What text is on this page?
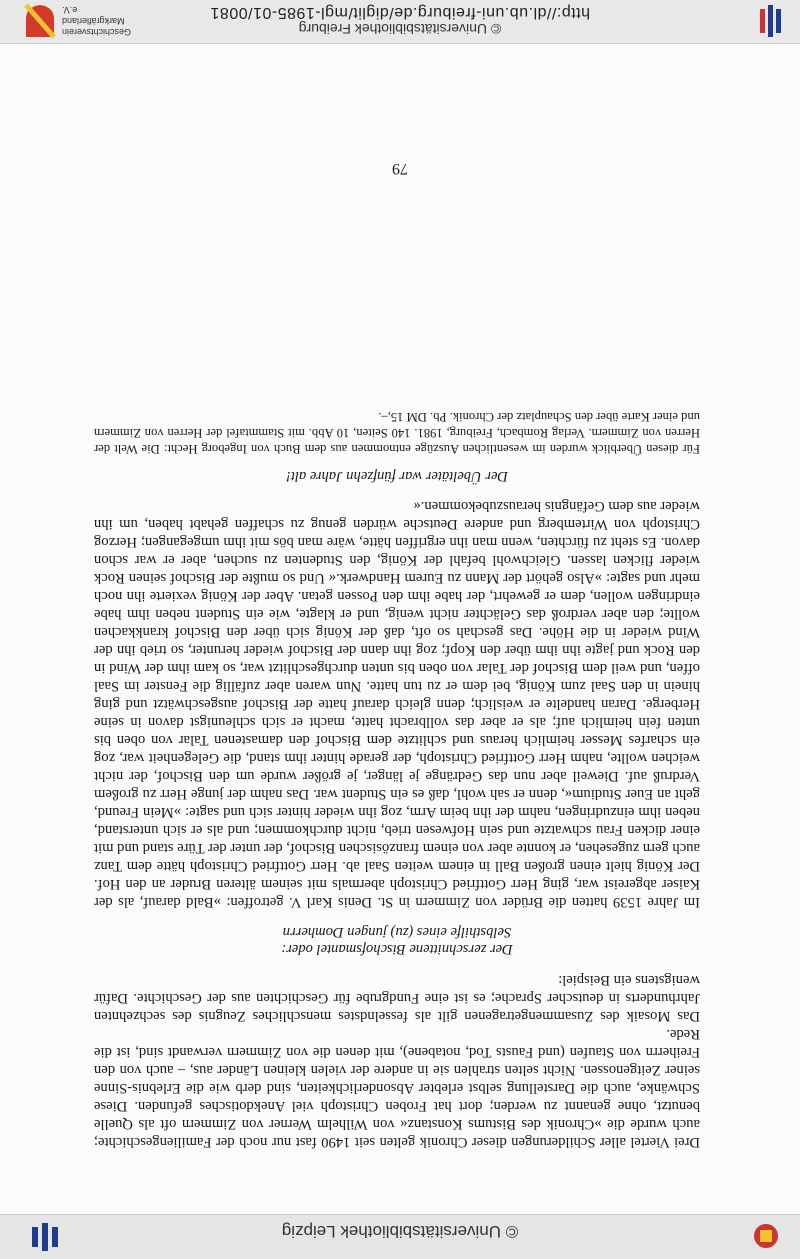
© Universitätsbibliothek Leipzig

Drei Viertel aller Schilderungen dieser Chronik gelten seit 1490 fast nur noch der Familiengeschichte; auch wurde die »Chronik des Bistums Konstanz« von Wilhelm Werner von Zimmern oft als Quelle benutzt, ohne genannt zu werden; dort hat Froben Christoph viel Anekdotisches gefunden. Diese Schwänke, auch die Darstellung selbst erlebter Absonderlichkeiten, sind derb wie die Erlebnis-Sinne seiner Zeitgenossen. Nicht selten strahlen sie in andere der vielen kleinen Länder aus, – auch von den Freiherrn von Staufen (und Fausts Tod, notabene), mit denen die von Zimmern verwandt sind, ist die Rede.

Das Mosaik des Zusammengetragenen gilt als fesselndstes menschliches Zeugnis des sechzehnten Jahrhunderts in deutscher Sprache; es ist eine Fundgrube für Geschichten aus der Geschichte. Dafür wenigstens ein Beispiel:

Der zerschnittene Bischofsmantel oder:
Selbsthilfe eines (zu) jungen Domherrn

Im Jahre 1539 hatten die Brüder von Zimmern in St. Denis Karl V. getroffen: »Bald darauf, als der Kaiser abgereist war, ging Herr Gottfried Christoph abermals mit seinem älteren Bruder an den Hof. Der König hielt einen großen Ball in einem weiten Saal ab. Herr Gottfried Christoph hätte dem Tanz auch gern zugesehen, er konnte aber von einem französischen Bischof, der unter der Türe stand und mit einer dicken Frau schwatzte und sein Hofwesen trieb, nicht durchkommen; und als er sich unterstand, neben ihm einzudringen, nahm der ihn beim Arm, zog ihn wieder hinter sich und sagte: »Mein Freund, geht an Euer Studium«, denn er sah wohl, daß es ein Student war. Das nahm der junge Herr zu großem Verdruß auf. Dieweil aber nun das Gedränge je länger, je größer wurde um den Bischof, der nicht weichen wollte, nahm Herr Gottfried Christoph, der gerade hinter ihm stand, die Gelegenheit war, zog ein scharfes Messer heimlich heraus und schlitzte dem Bischof den damastenen Talar von oben bis unten fein heimlich auf; als er aber das vollbracht hatte, macht er sich schleunigst davon in seine Herberge. Daran handelte er weislich; denn gleich darauf hatte der Bischof ausgeschwätzt und ging hinein in den Saal zum König, bei dem er zu tun hatte. Nun waren aber zufällig die Fenster im Saal offen, und weil dem Bischof der Talar von oben bis unten durchgeschlitzt war, so kam ihm der Wind in den Rock und jagte ihn ihm über den Kopf; zog ihn dann der Bischof wieder herunter, so trieb ihn der Wind wieder in die Höhe. Das geschah so oft, daß der König sich über den Bischof krankkachen wollte; den aber verdroß das Gelächter nicht wenig, und er klagte, wie ein Student neben ihm habe eindringen wollen, dem er gewehrt, der habe ihm den Possen getan. Aber der König vexierte ihn noch mehr und sagte: »Also gehört der Mann zu Eurem Handwerk.« Und so mußte der Bischof seinen Rock wieder flicken lassen. Gleichwohl befahl der König, den Studenten zu suchen, aber er war schon davon. Es steht zu fürchten, wenn man ihn ergriffen hätte, wäre man bös mit ihm umgegangen; Herzog Christoph von Wirtemberg und andere Deutsche würden genug zu schaffen gehabt haben, um ihn wieder aus dem Gefängnis herauszubekommen.«

Der Übeltäter war fünfzehn Jahre alt!

Für diesen Überblick wurden im wesentlichen Auszüge entnommen aus dem Buch von Ingeborg Hecht: Die Welt der Herren von Zimmern. Verlag Rombach, Freiburg, 1981. 140 Seiten, 10 Abb. mit Stammtafel der Herren von Zimmern und einer Karte über den Schauplatz der Chronik. Pb. DM 15,–.

79
© Universitätsbibliothek Freiburg
http://dl.ub.uni-freiburg.de/diglit/mgl-1985-01/0081
Geschichtsverein
Markgräflerland e.V.
